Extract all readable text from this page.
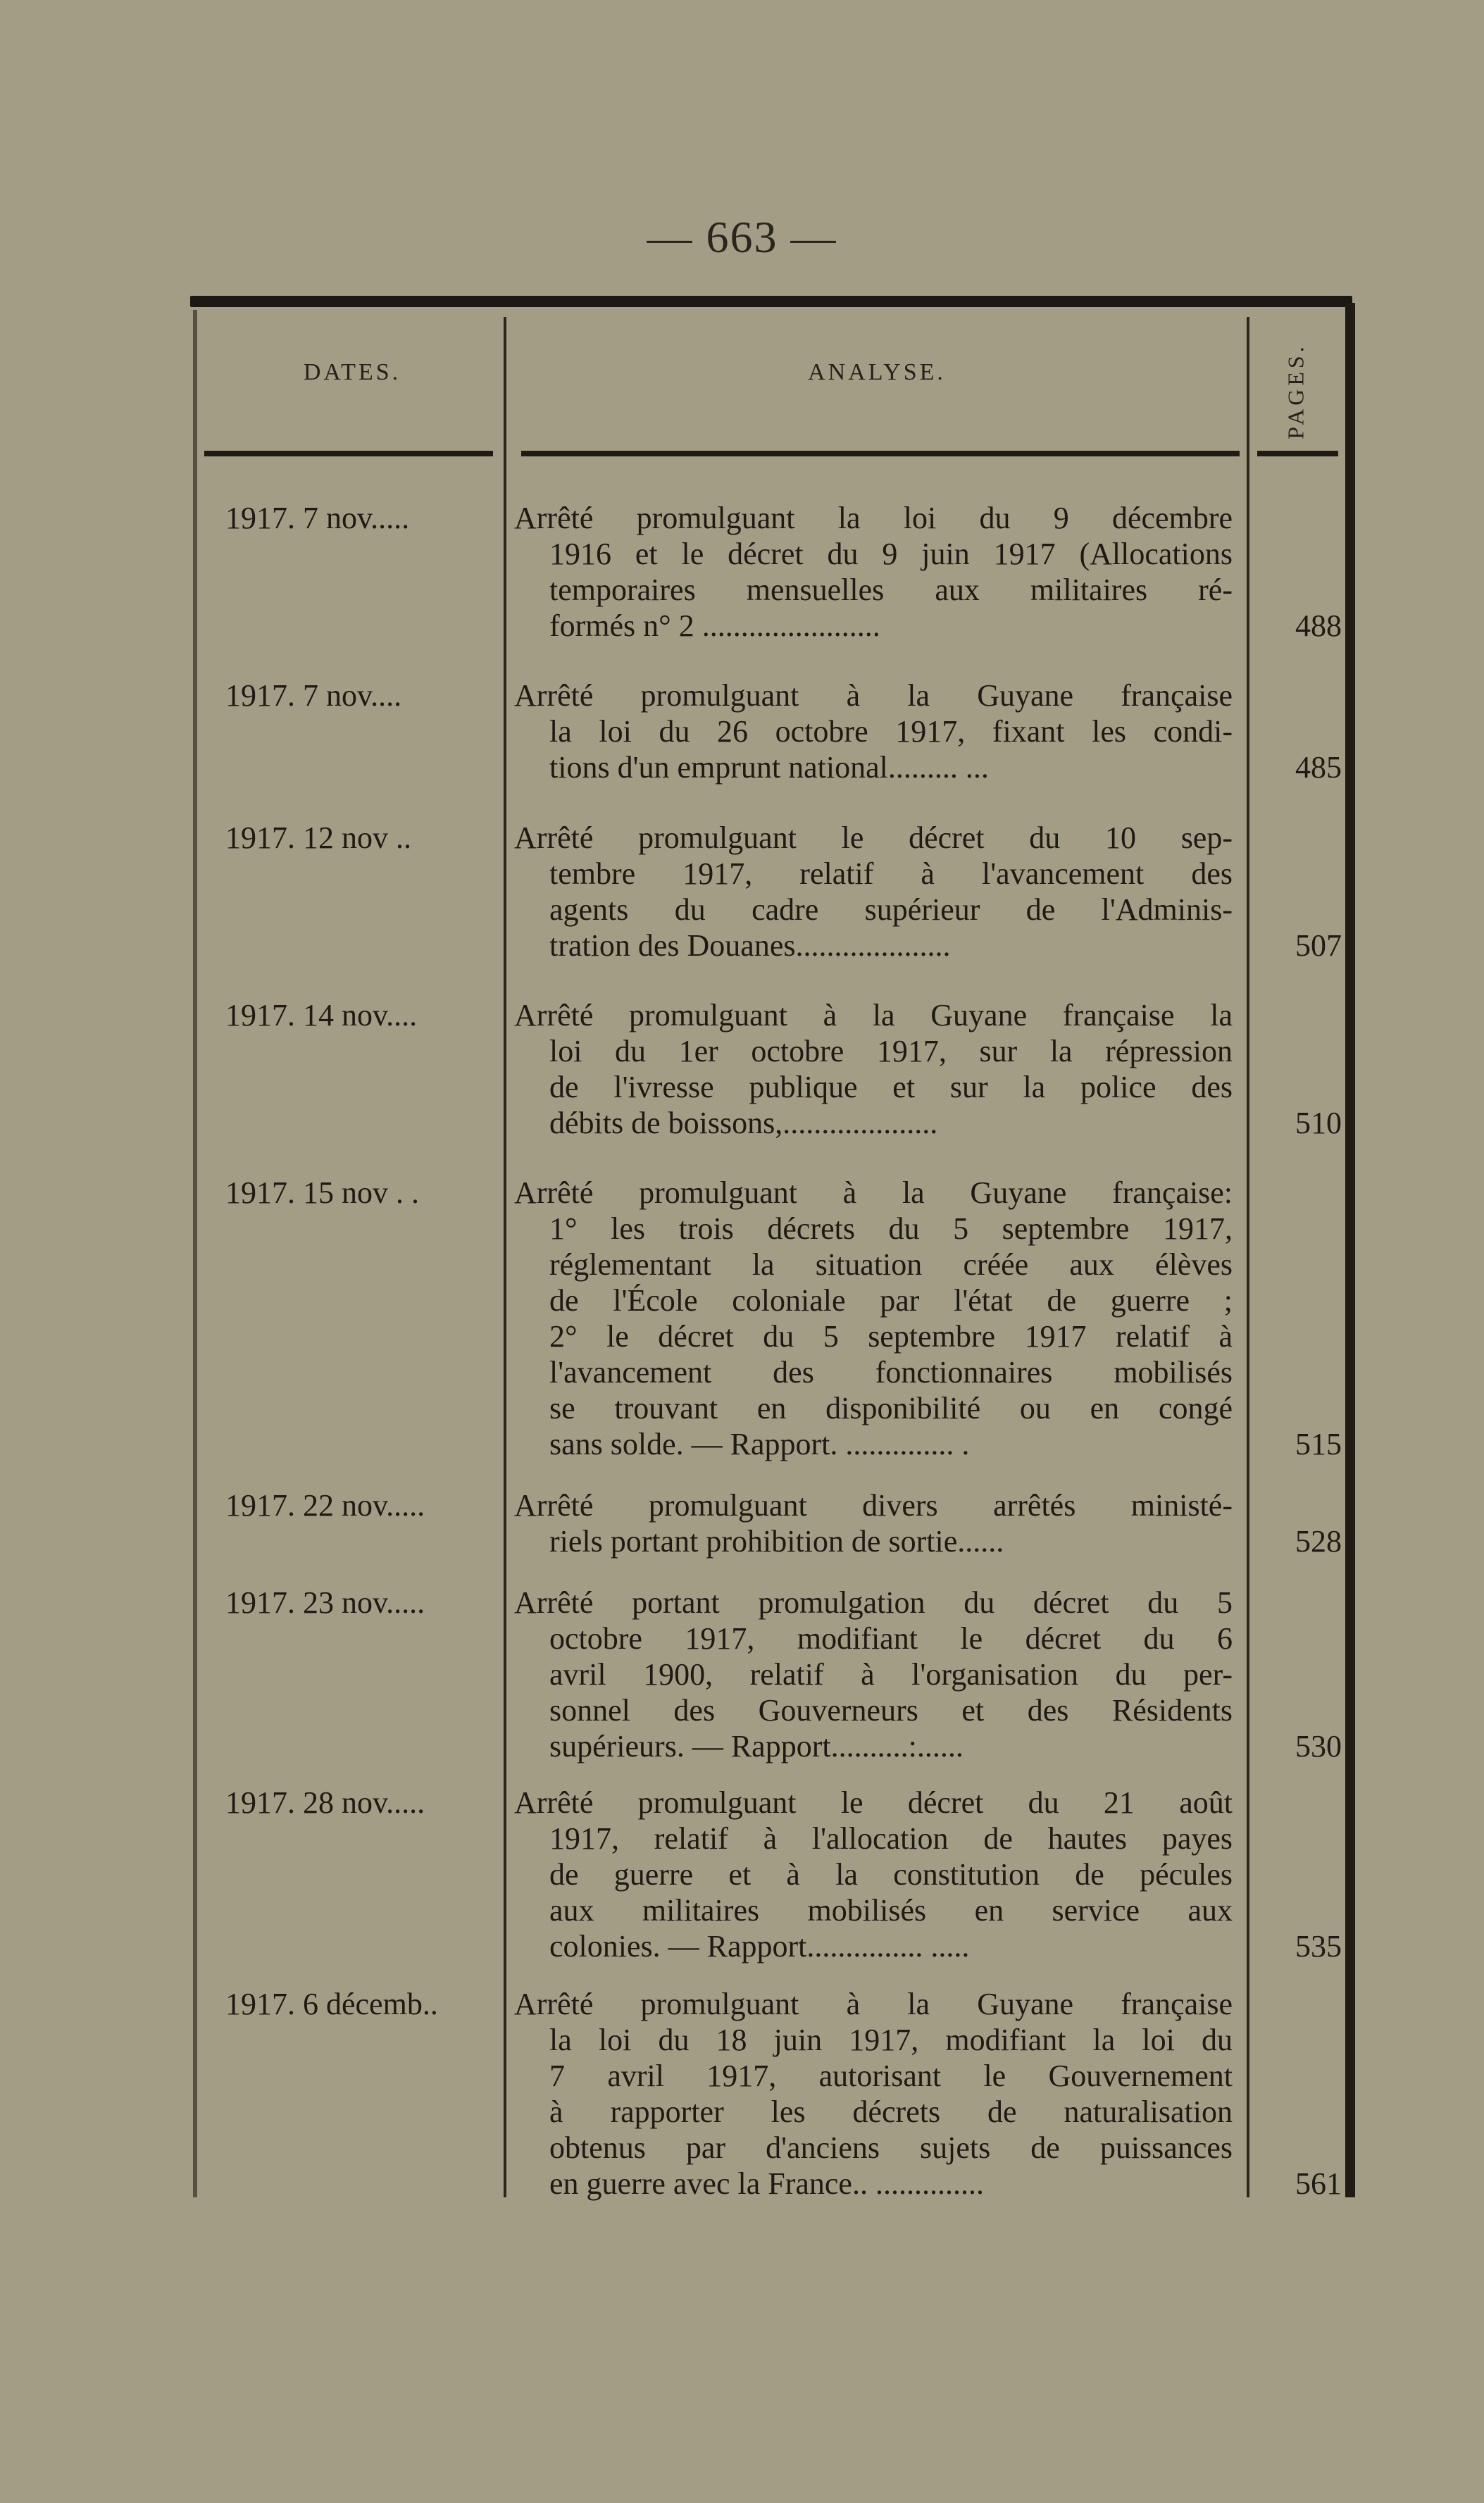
— 663 —
DATES.	ANALYSE.	PAGES.
1917. 7 nov.....	Arrêté promulguant la loi du 9 décembre
1916 et le décret du 9 juin 1917 (Allocations
temporaires mensuelles aux militaires ré-
formés n° 2 .......................	488
1917. 7 nov....	Arrêté promulguant à la Guyane française
la loi du 26 octobre 1917, fixant les condi-
tions d'un emprunt national......... ...	485
1917. 12 nov ..	Arrêté promulguant le décret du 10 sep-
tembre 1917, relatif à l'avancement des
agents du cadre supérieur de l'Adminis-
tration des Douanes....................	507
1917. 14 nov....	Arrêté promulguant à la Guyane française la
loi du 1er octobre 1917, sur la répression
de l'ivresse publique et sur la police des
débits de boissons,....................	510
1917. 15 nov . .	Arrêté promulguant à la Guyane française:
1° les trois décrets du 5 septembre 1917,
réglementant la situation créée aux élèves
de l'École coloniale par l'état de guerre ;
2° le décret du 5 septembre 1917 relatif à
l'avancement des fonctionnaires mobilisés
se trouvant en disponibilité ou en congé
sans solde. — Rapport. .............. .	515
1917. 22 nov.....	Arrêté promulguant divers arrêtés ministé-
riels portant prohibition de sortie......	528
1917. 23 nov.....	Arrêté portant promulgation du décret du 5
octobre 1917, modifiant le décret du 6
avril 1900, relatif à l'organisation du per-
sonnel des Gouverneurs et des Résidents
supérieurs. — Rapport..........:......	530
1917. 28 nov.....	Arrêté promulguant le décret du 21 août
1917, relatif à l'allocation de hautes payes
de guerre et à la constitution de pécules
aux militaires mobilisés en service aux
colonies. — Rapport............... .....	535
1917. 6 décemb..	Arrêté promulguant à la Guyane française
la loi du 18 juin 1917, modifiant la loi du
7 avril 1917, autorisant le Gouvernement
à rapporter les décrets de naturalisation
obtenus par d'anciens sujets de puissances
en guerre avec la France.. ..............	561
